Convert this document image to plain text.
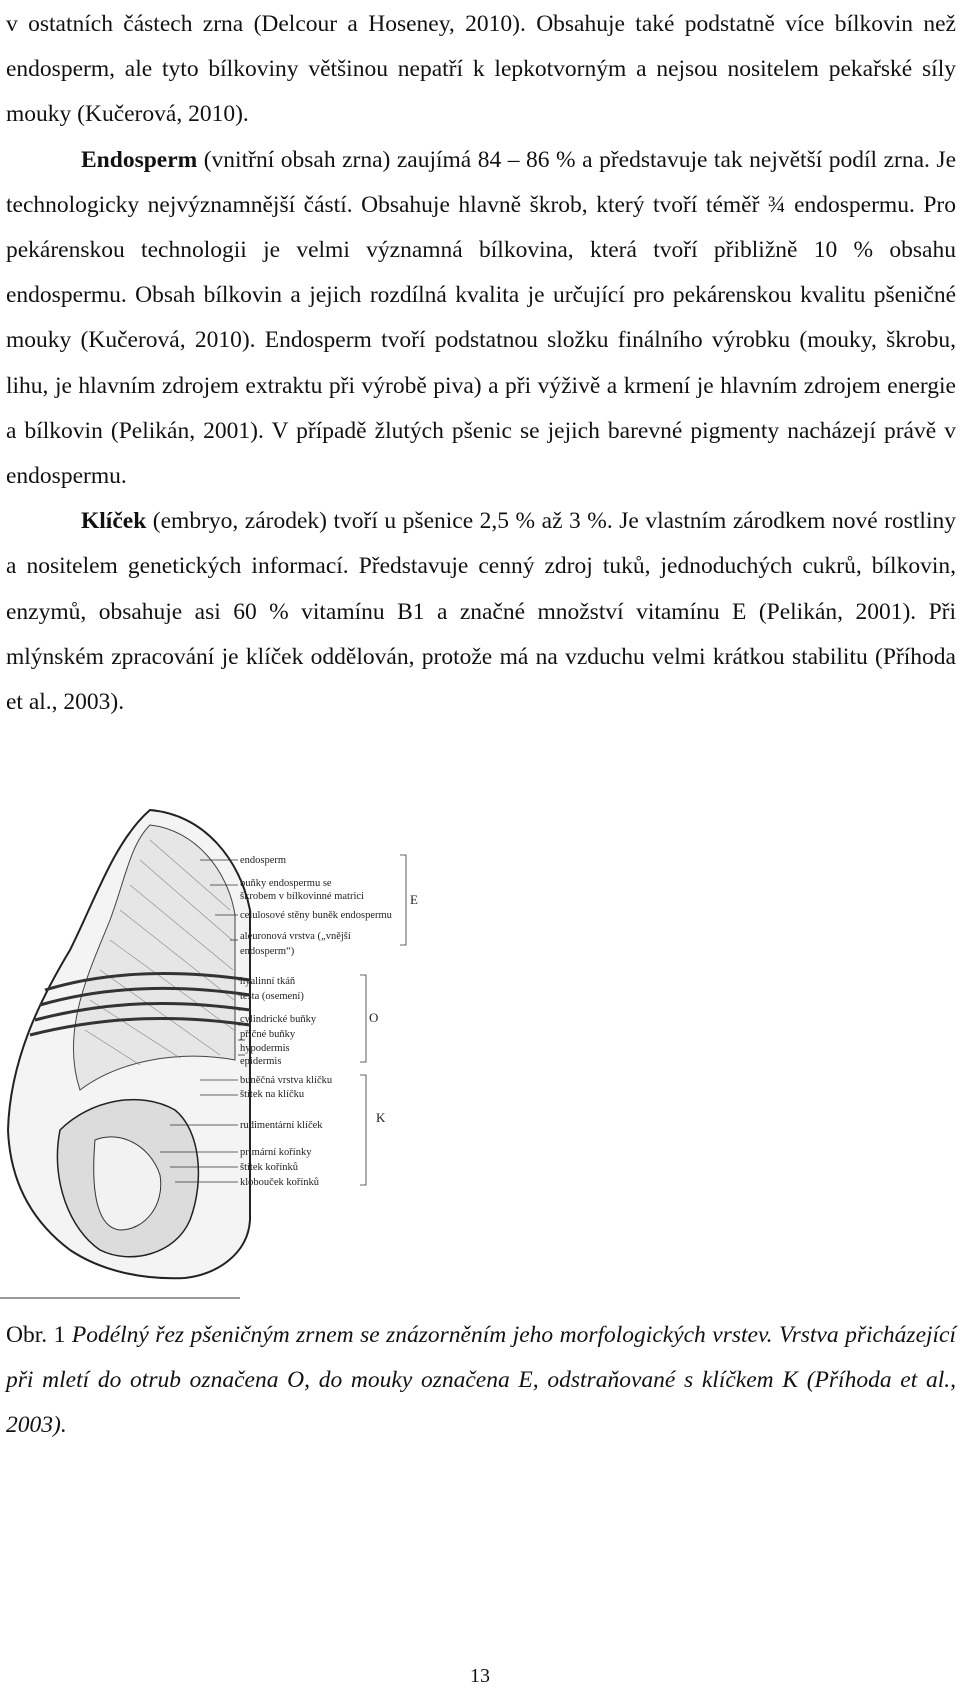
v ostatních částech zrna (Delcour a Hoseney, 2010). Obsahuje také podstatně více bílkovin než endosperm, ale tyto bílkoviny většinou nepatří k lepkotvorným a nejsou nositelem pekařské síly mouky (Kučerová, 2010).

Endosperm (vnitřní obsah zrna) zaujímá 84 – 86 % a představuje tak největší podíl zrna. Je technologicky nejvýznamnější částí. Obsahuje hlavně škrob, který tvoří téměř ¾ endospermu. Pro pekárenskou technologii je velmi významná bílkovina, která tvoří přibližně 10 % obsahu endospermu. Obsah bílkovin a jejich rozdílná kvalita je určující pro pekárenskou kvalitu pšeničné mouky (Kučerová, 2010). Endosperm tvoří podstatnou složku finálního výrobku (mouky, škrobu, lihu, je hlavním zdrojem extraktu při výrobě piva) a při výživě a krmení je hlavním zdrojem energie a bílkovin (Pelikán, 2001). V případě žlutých pšenic se jejich barevné pigmenty nacházejí právě v endospermu.

Klíček (embryo, zárodek) tvoří u pšenice 2,5 % až 3 %. Je vlastním zárodkem nové rostliny a nositelem genetických informací. Představuje cenný zdroj tuků, jednoduchých cukrů, bílkovin, enzymů, obsahuje asi 60 % vitamínu B1 a značné množství vitamínu E (Pelikán, 2001). Při mlýnském zpracování je klíček oddělován, protože má na vzduchu velmi krátkou stabilitu (Příhoda et al., 2003).

endosperm
buňky endospermu se
škrobem v bílkovinné matrici
celulosové stěny buněk endospermu
aleuronová vrstva („vnější
endosperm“)
hyalinní tkáň
testa (osemení)
cylindrické buňky
příčné buňky
hypodermis
epidermis
buněčná vrstva klíčku
štítek na klíčku
rudimentární klíček
primární kořínky
štítek kořínků
klobouček kořínků
E
O
K
Obr. 1 Podélný řez pšeničným zrnem se znázorněním jeho morfologických vrstev. Vrstva přicházející při mletí do otrub označena O, do mouky označena E, odstraňované s klíčkem K (Příhoda et al., 2003).
13
